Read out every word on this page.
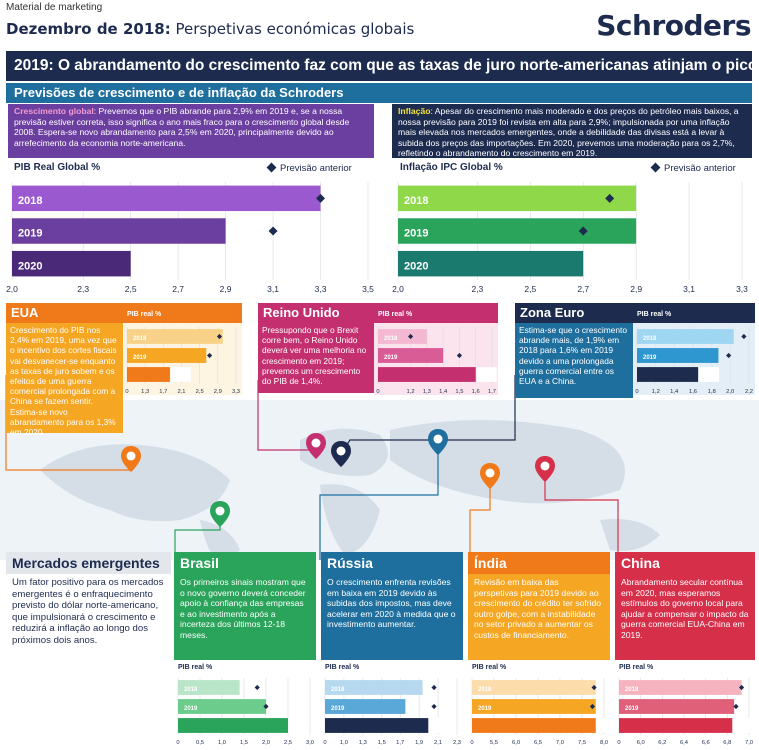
Material de marketing
Dezembro de 2018: Perspetivas económicas globais	Schroders
2019: O abrandamento do crescimento faz com que as taxas de juro norte-americanas atinjam o pico
Previsões de crescimento e de inflação da Schroders
Crescimento global: Prevemos que o PIB abrande para 2,9% em 2019 e, se a nossa previsão estiver correta, isso significa o ano mais fraco para o crescimento global desde 2008. Espera-se novo abrandamento para 2,5% em 2020, principalmente devido ao arrefecimento da economia norte-americana.
Inflação: Apesar do crescimento mais moderado e dos preços do petróleo mais baixos, a nossa previsão para 2019 foi revista em alta para 2,9%; impulsionada por uma inflação mais elevada nos mercados emergentes, onde a debilidade das divisas está a levar à subida dos preços das importações. Em 2020, prevemos uma moderação para os 2,7%, refletindo o abrandamento do crescimento em 2019.
PIB Real Global %	Previsão anterior
2,0	2,3	2,5	2,7	2,9	3,1	3,3	3,5
2018
2019
2020
Inflação IPC Global %	Previsão anterior
2,0	2,3	2,5	2,7	2,9	3,1	3,3
2018
2019
2020
EUA
Crescimento do PIB nos 2,4% em 2019, uma vez que o incentivo dos cortes fiscais vai desvanecer-se enquanto as taxas de juro sobem e os efeitos de uma guerra comercial prolongada com a China se fazem sentir. Estima-se novo abrandamento para os 1,3% em 2020.
PIB real %
0 1,3 1,7 2,1 2,5 2,9 3,3
2018
2019
Reino Unido
Pressupondo que o Brexit corre bem, o Reino Unido deverá ver uma melhoria no crescimento em 2019; prevemos um crescimento do PIB de 1,4%.
PIB real %
0	1,2 1,3 1,4 1,5 1,6 1,7
2018
2019
Zona Euro
Estima-se que o crescimento abrande mais, de 1,9% em 2018 para 1,6% em 2019 devido a uma prolongada guerra comercial entre os EUA e a China.
PIB real %
0 1,2 1,4 1,6 1,8 2,0 2,2
2018
2019
Mercados emergentes
Um fator positivo para os mercados emergentes é o enfraquecimento previsto do dólar norte-americano, que impulsionará o crescimento e reduzirá a inflação ao longo dos próximos dois anos.
Brasil
Os primeiros sinais mostram que o novo governo deverá conceder apoio à confiança das empresas e ao investimento após a incerteza dos últimos 12-18 meses.
PIB real %
0	0,5 1,0 1,5 2,0 2,5 3,0
2018
2019
Rússia
O crescimento enfrenta revisões em baixa em 2019 devido às subidas dos impostos, mas deve acelerar em 2020 à medida que o investimento aumentar.
PIB real %
0 1,0 1,3 1,5 1,7 1,9 2,1 2,3
2018
2019
Índia
Revisão em baixa das perspetivas para 2019 devido ao crescimento do crédito ter sofrido outro golpe, com a instabilidade no setor privado a aumentar os custos de financiamento.
PIB real %
0	5,5 6,0 6,5 7,0 7,5 8,0
2018
2019
China
Abrandamento secular contínua em 2020, mas esperamos estímulos do governo local para ajudar a compensar o impacto da guerra comercial EUA-China em 2019.
PIB real %
0	6,0 6,2 6,4 6,6 6,8 7,0
2018
2019
